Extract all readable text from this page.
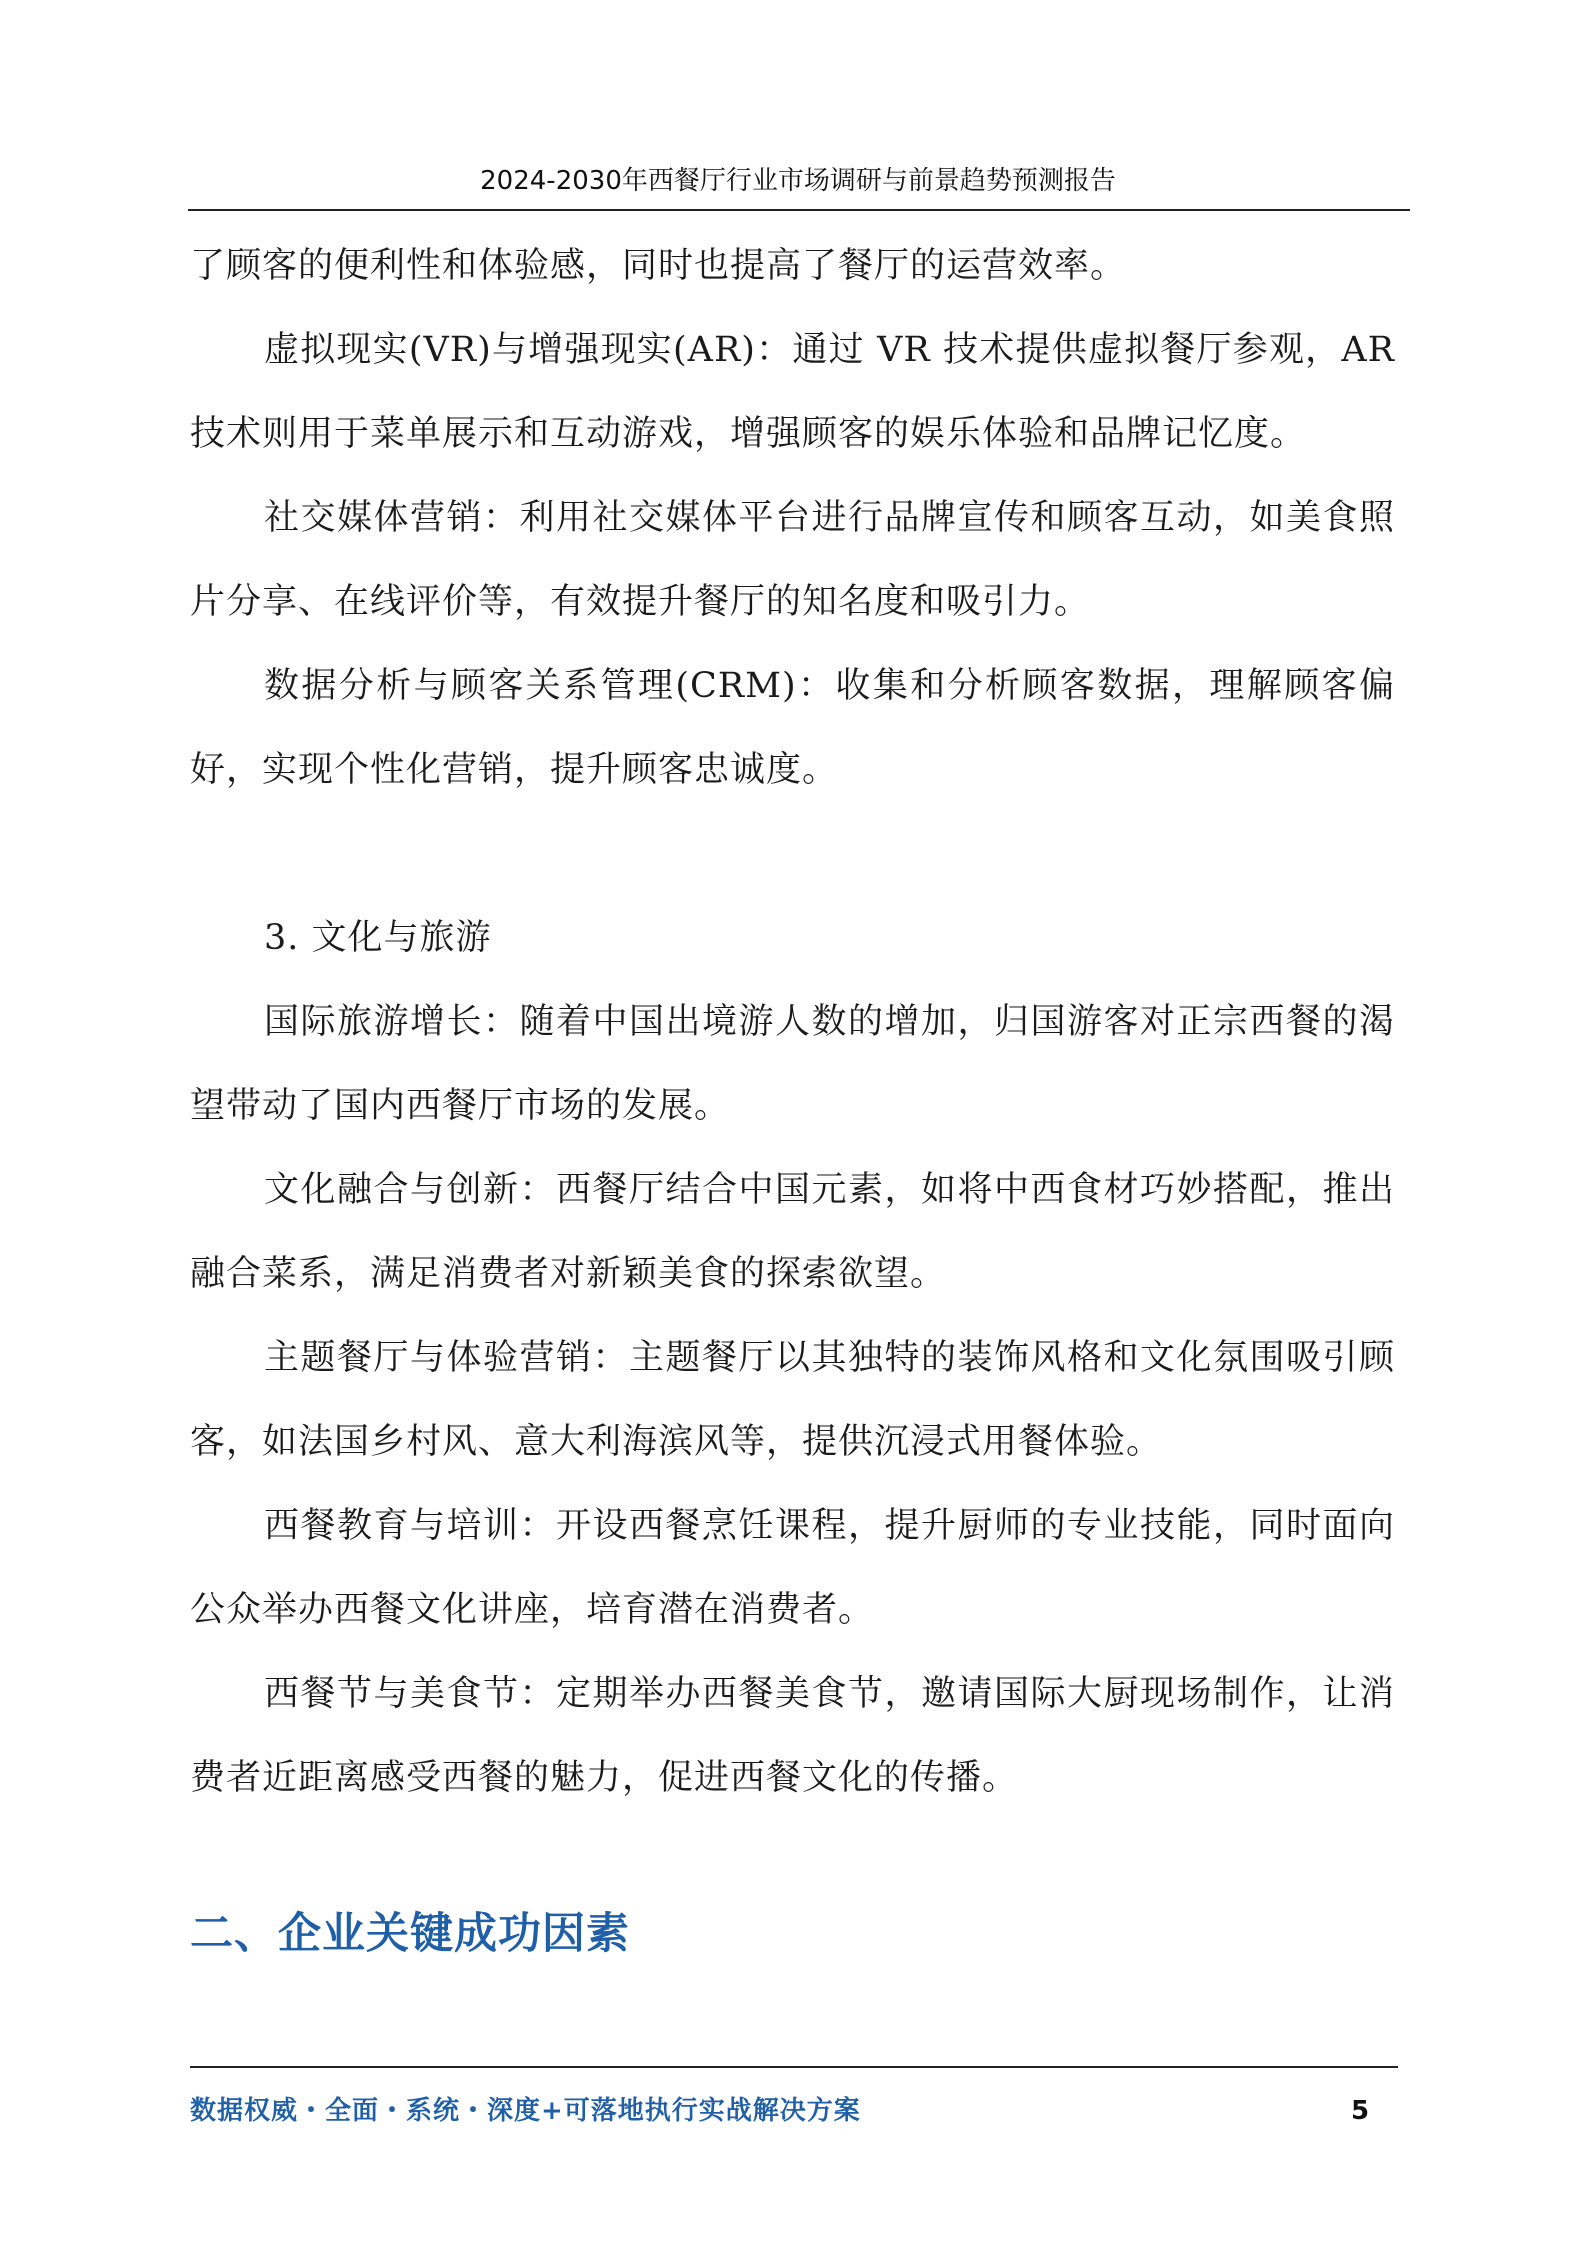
2024-2030年西餐厅行业市场调研与前景趋势预测报告

了顾客的便利性和体验感，同时也提高了餐厅的运营效率。

虚拟现实(VR)与增强现实(AR)：通过 VR 技术提供虚拟餐厅参观，AR 技术则用于菜单展示和互动游戏，增强顾客的娱乐体验和品牌记忆度。

社交媒体营销：利用社交媒体平台进行品牌宣传和顾客互动，如美食照片分享、在线评价等，有效提升餐厅的知名度和吸引力。

数据分析与顾客关系管理(CRM)：收集和分析顾客数据，理解顾客偏好，实现个性化营销，提升顾客忠诚度。

3. 文化与旅游

国际旅游增长：随着中国出境游人数的增加，归国游客对正宗西餐的渴望带动了国内西餐厅市场的发展。

文化融合与创新：西餐厅结合中国元素，如将中西食材巧妙搭配，推出融合菜系，满足消费者对新颖美食的探索欲望。

主题餐厅与体验营销：主题餐厅以其独特的装饰风格和文化氛围吸引顾客，如法国乡村风、意大利海滨风等，提供沉浸式用餐体验。

西餐教育与培训：开设西餐烹饪课程，提升厨师的专业技能，同时面向公众举办西餐文化讲座，培育潜在消费者。

西餐节与美食节：定期举办西餐美食节，邀请国际大厨现场制作，让消费者近距离感受西餐的魅力，促进西餐文化的传播。

二、企业关键成功因素
数据权威・全面・系统・深度+可落地执行实战解决方案	5
